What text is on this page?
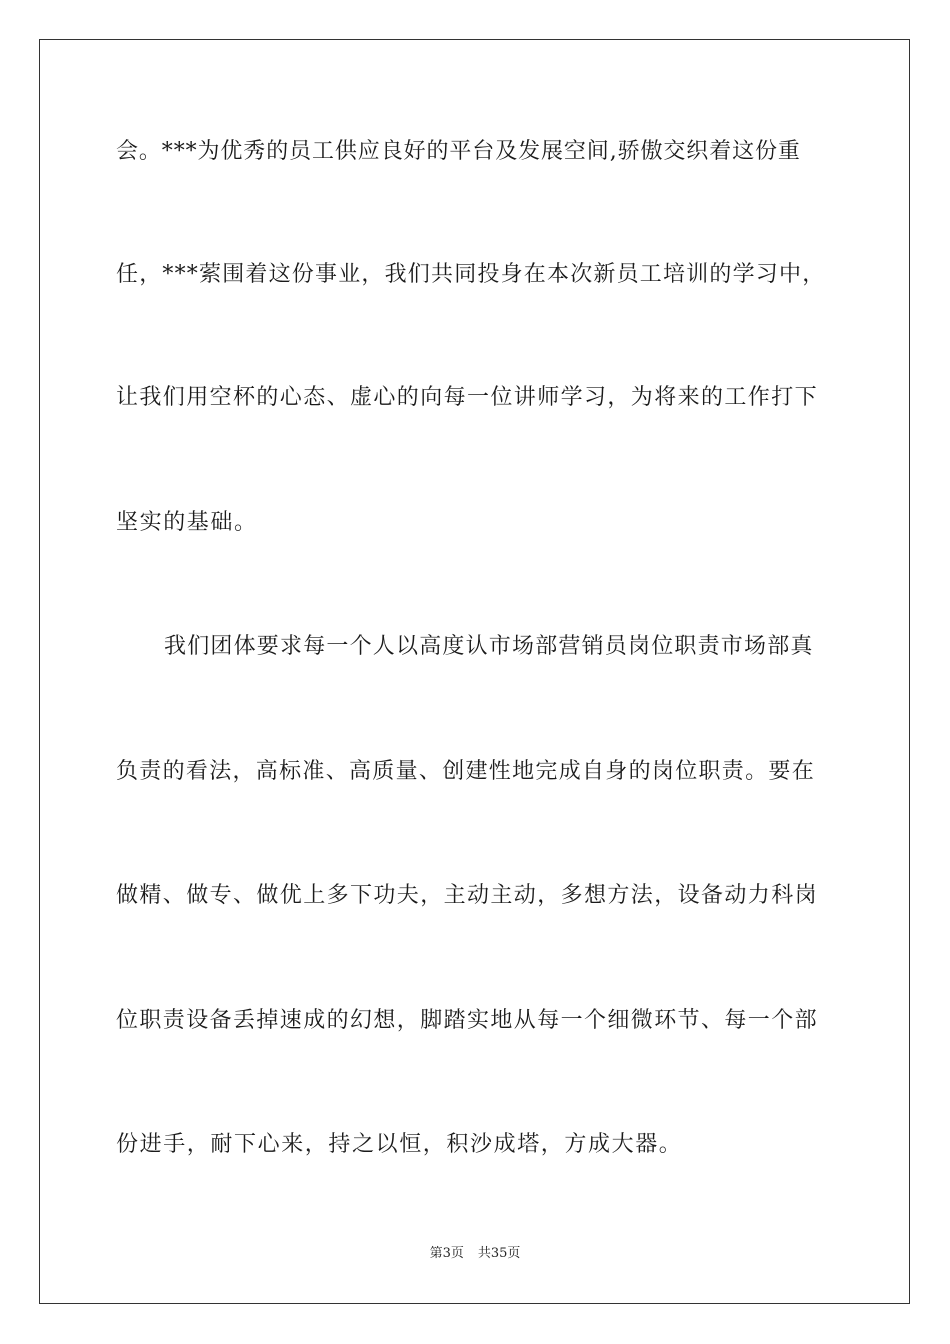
会。***为优秀的员工供应良好的平台及发展空间,骄傲交织着这份重
任，***萦围着这份事业，我们共同投身在本次新员工培训的学习中，
让我们用空杯的心态、虚心的向每一位讲师学习，为将来的工作打下
坚实的基础。
我们团体要求每一个人以高度认市场部营销员岗位职责市场部真
负责的看法，高标准、高质量、创建性地完成自身的岗位职责。要在
做精、做专、做优上多下功夫，主动主动，多想方法，设备动力科岗
位职责设备丢掉速成的幻想，脚踏实地从每一个细微环节、每一个部
份进手，耐下心来，持之以恒，积沙成塔，方成大器。
第3页 共35页
